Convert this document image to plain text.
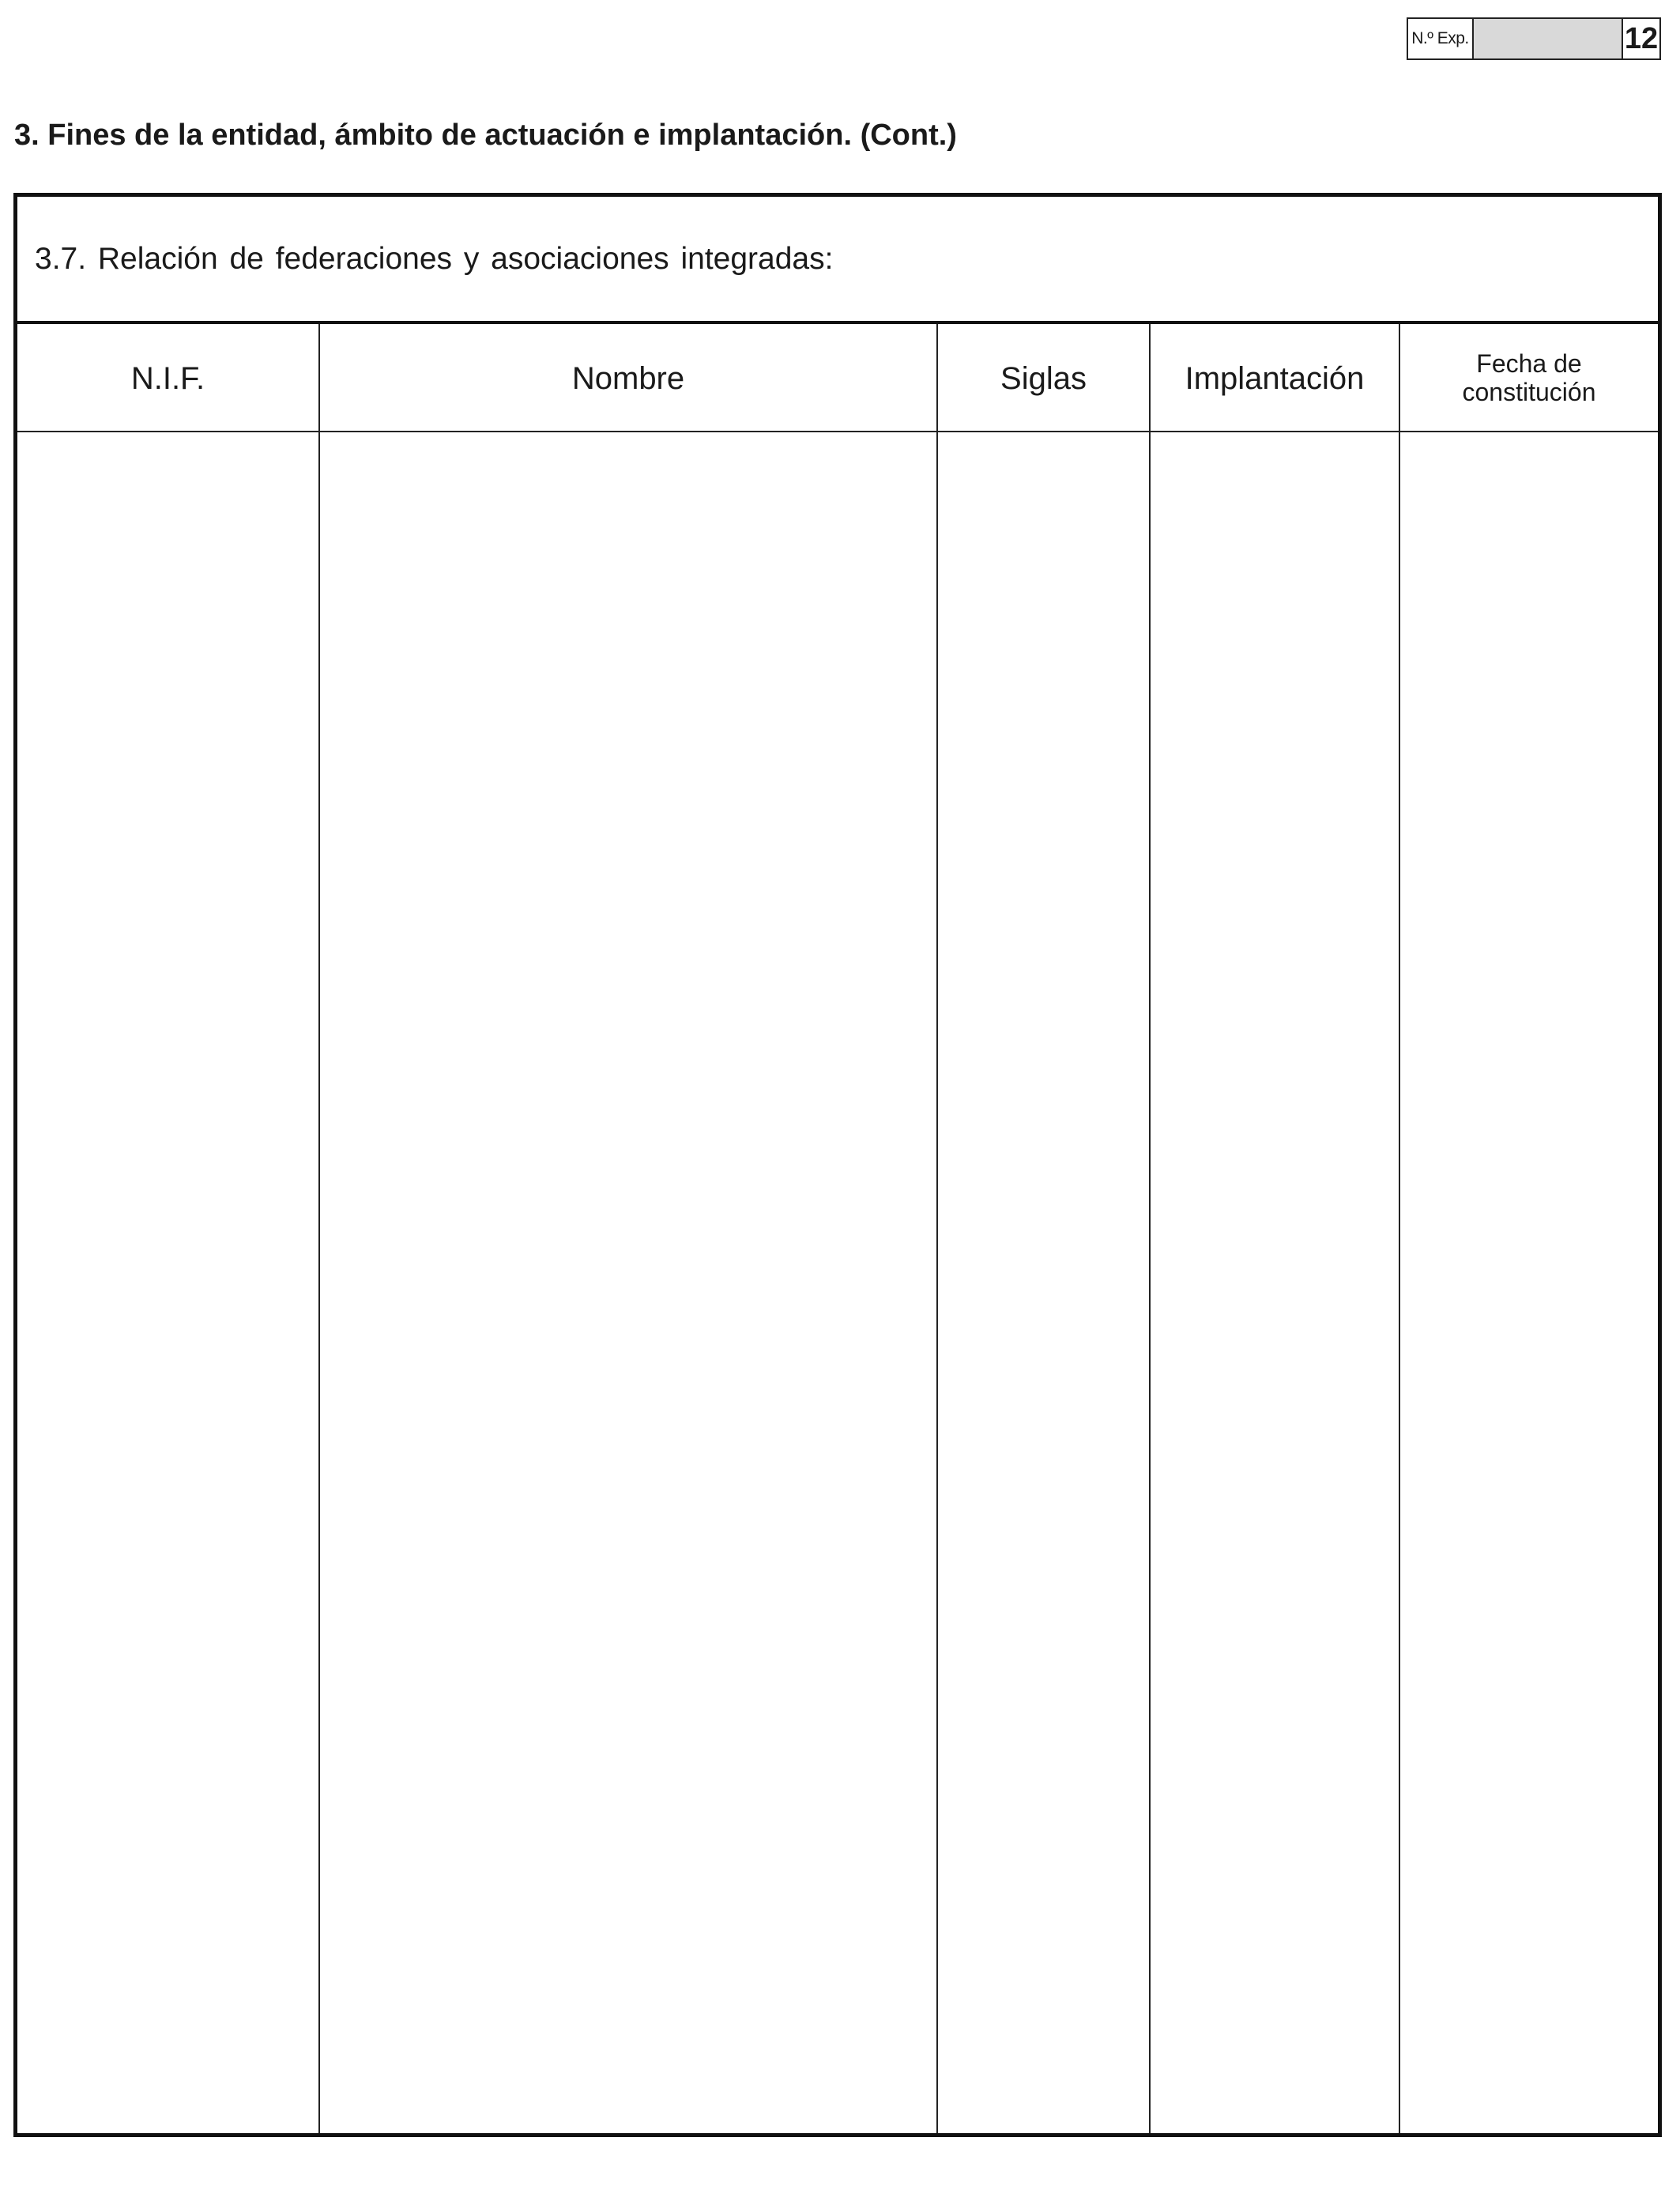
N.º Exp.	12
3. Fines de la entidad, ámbito de actuación e implantación. (Cont.)
3.7. Relación de federaciones y asociaciones integradas:
N.I.F.	Nombre	Siglas	Implantación	Fecha de
constitución
